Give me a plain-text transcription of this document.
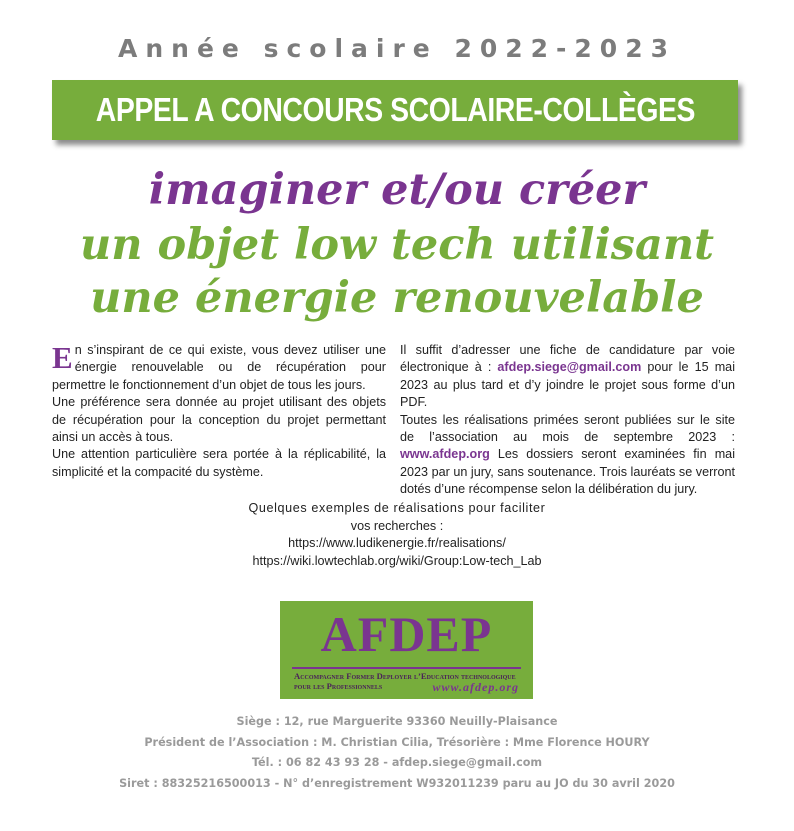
Année scolaire 2022-2023
APPEL A CONCOURS SCOLAIRE-COLLÈGES
imaginer et/ou créer
un objet low tech utilisant
une énergie renouvelable
En s’inspirant de ce qui existe, vous devez utiliser une énergie renouvelable ou de récupération pour permettre le fonctionnement d’un objet de tous les jours.
Une préférence sera donnée au projet utilisant des objets de récupération pour la conception du projet permettant ainsi un accès à tous.
Une attention particulière sera portée à la réplicabilité, la simplicité et la compacité du système.
Il suffit d’adresser une fiche de candidature par voie électronique à : afdep.siege@gmail.com pour le 15 mai 2023 au plus tard et d’y joindre le projet sous forme d’un PDF.
Toutes les réalisations primées seront publiées sur le site de l’association au mois de septembre 2023 : www.afdep.org Les dossiers seront examinées fin mai 2023 par un jury, sans soutenance. Trois lauréats se verront dotés d’une récompense selon la délibération du jury.
Quelques exemples de réalisations pour faciliter
vos recherches :
https://www.ludikenergie.fr/realisations/
https://wiki.lowtechlab.org/wiki/Group:Low-tech_Lab
AFDEP
Accompagner Former Deployer l’Education technologique
pour les Professionnels	www.afdep.org
Siège : 12, rue Marguerite 93360 Neuilly-Plaisance
Président de l’Association : M. Christian Cilia, Trésorière : Mme Florence HOURY
Tél. : 06 82 43 93 28 - afdep.siege@gmail.com
Siret : 88325216500013 - N° d’enregistrement W932011239 paru au JO du 30 avril 2020
